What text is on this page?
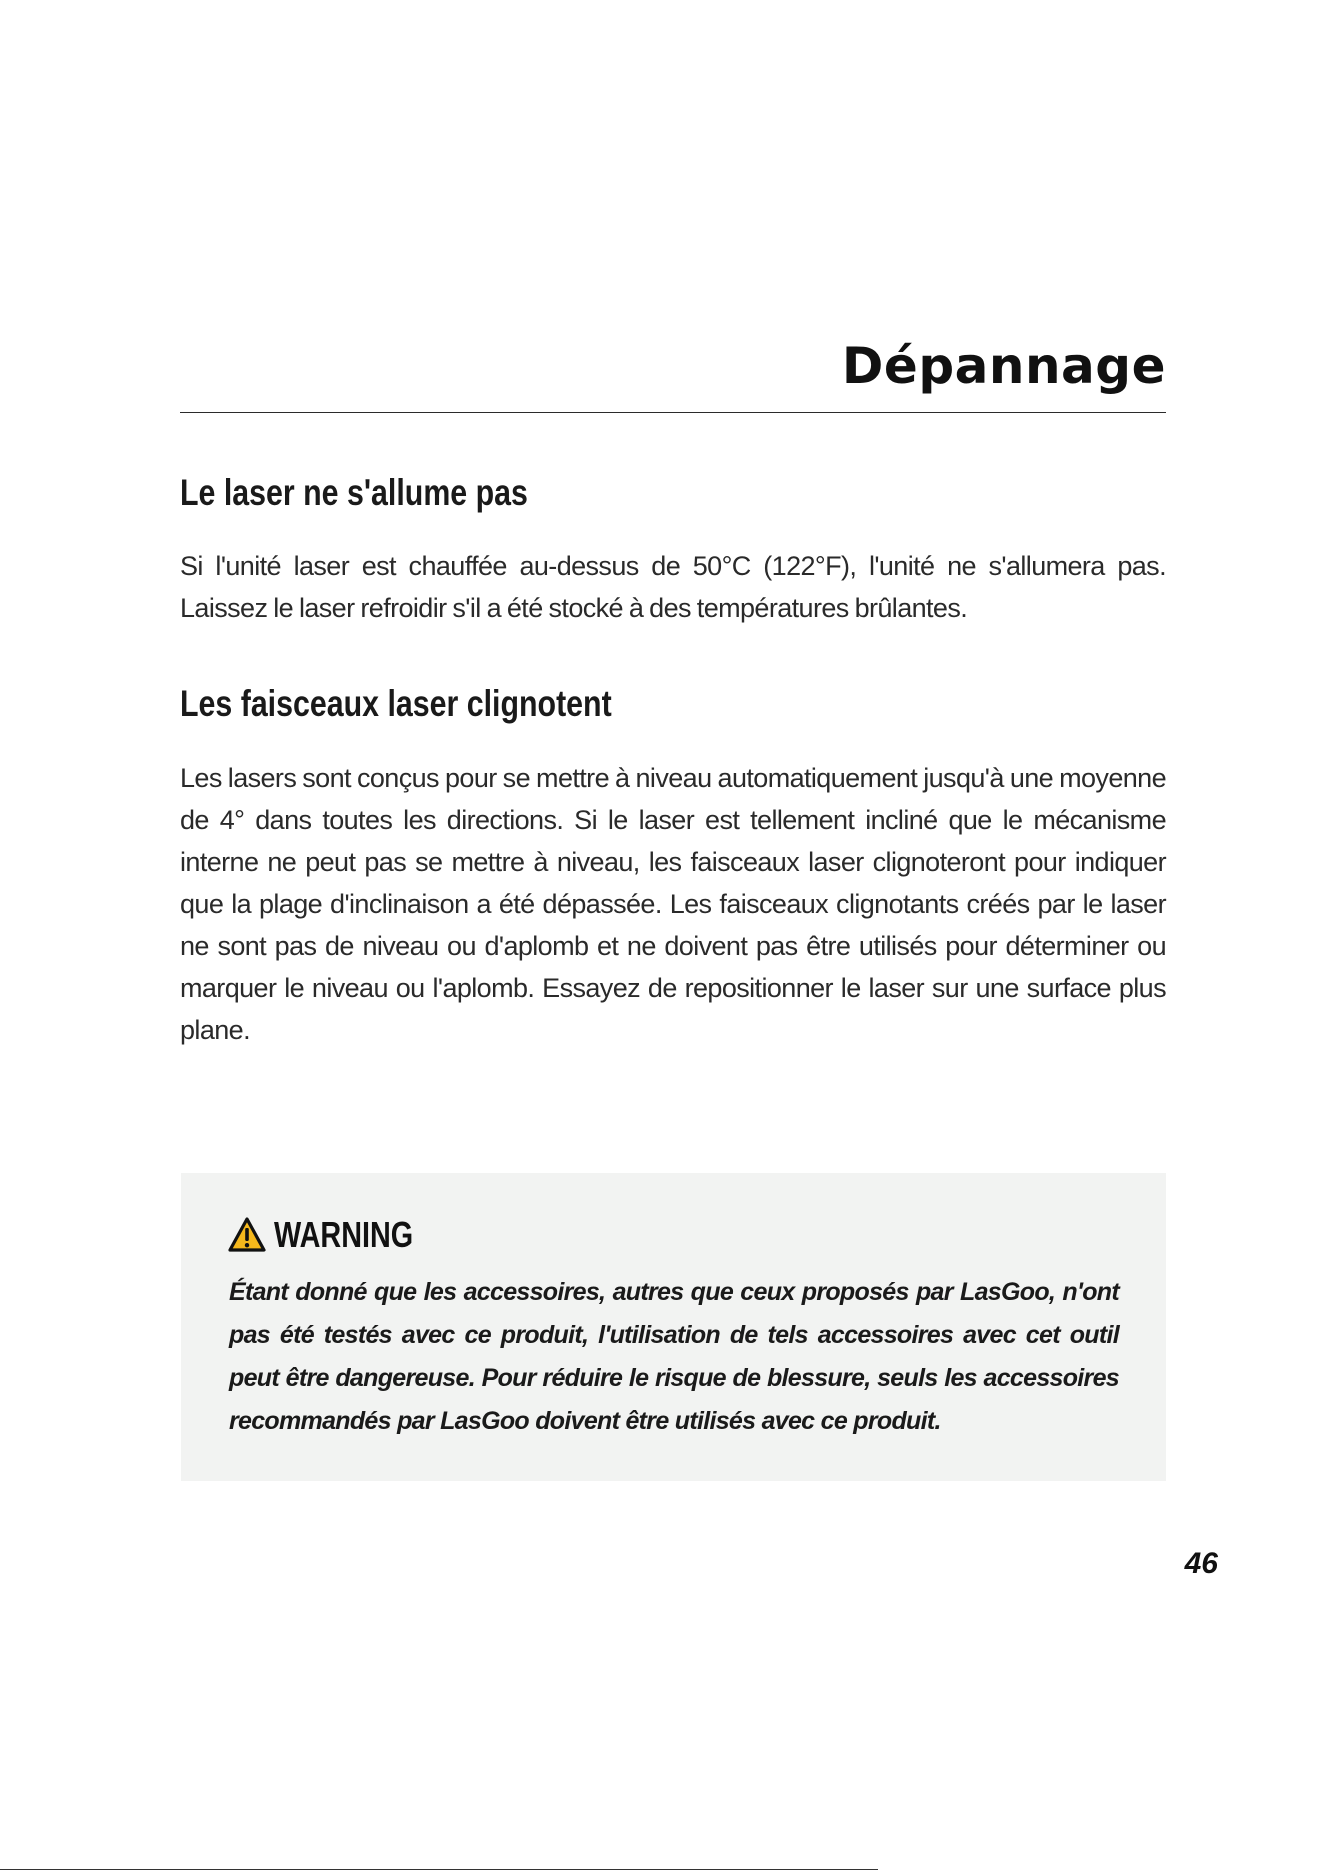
Dépannage
Le laser ne s'allume pas

Si l'unité laser est chauffée au-dessus de 50°C (122°F), l'unité ne s'allumera pas. Laissez le laser refroidir s'il a été stocké à des températures brûlantes.

Les faisceaux laser clignotent

Les lasers sont conçus pour se mettre à niveau automatiquement jusqu'à une moyenne de 4° dans toutes les directions. Si le laser est tellement incliné que le mécanisme interne ne peut pas se mettre à niveau, les faisceaux laser clignoteront pour indiquer que la plage d'inclinaison a été dépassée. Les faisceaux clignotants créés par le laser ne sont pas de niveau ou d'aplomb et ne doivent pas être utilisés pour déterminer ou marquer le niveau ou l'aplomb. Essayez de repositionner le laser sur une surface plus plane.

WARNING

Étant donné que les accessoires, autres que ceux proposés par LasGoo, n'ont pas été testés avec ce produit, l'utilisation de tels accessoires avec cet outil peut être dangereuse. Pour réduire le risque de blessure, seuls les accessoires recommandés par LasGoo doivent être utilisés avec ce produit.

46
